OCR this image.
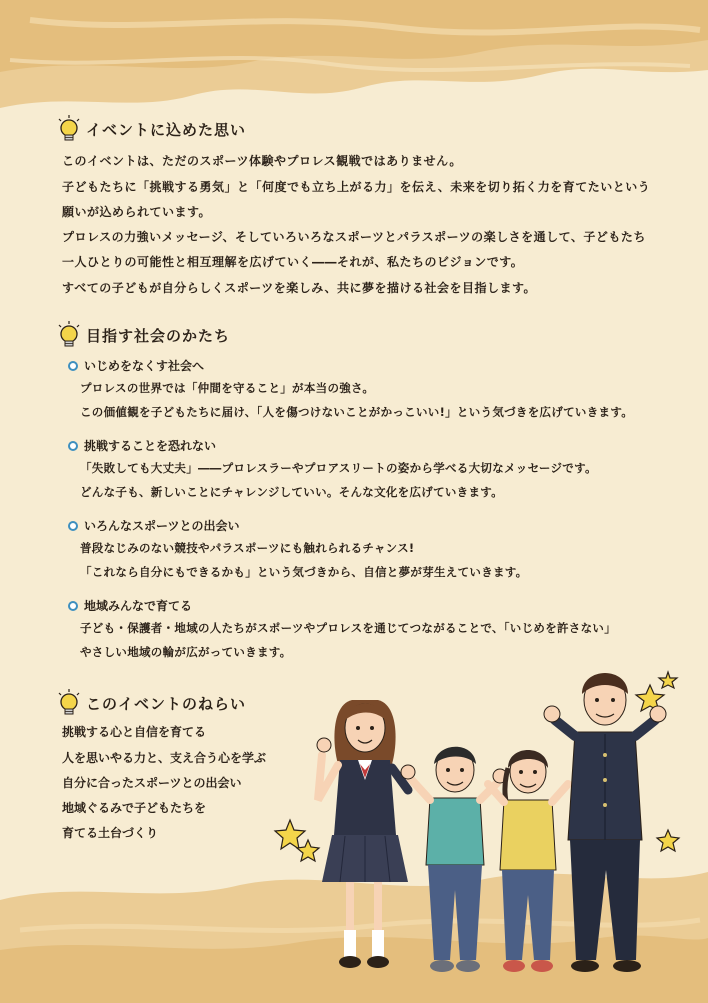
イベントに込めた思い
このイベントは、ただのスポーツ体験やプロレス観戦ではありません。
子どもたちに「挑戦する勇気」と「何度でも立ち上がる力」を伝え、未来を切り拓く力を育てたいという
願いが込められています。
プロレスの力強いメッセージ、そしていろいろなスポーツとパラスポーツの楽しさを通して、子どもたち
一人ひとりの可能性と相互理解を広げていく――それが、私たちのビジョンです。
すべての子どもが自分らしくスポーツを楽しみ、共に夢を描ける社会を目指します。
目指す社会のかたち
いじめをなくす社会へ
プロレスの世界では「仲間を守ること」が本当の強さ。
この価値観を子どもたちに届け、「人を傷つけないことがかっこいい!」という気づきを広げていきます。
挑戦することを恐れない
「失敗しても大丈夫」――プロレスラーやプロアスリートの姿から学べる大切なメッセージです。
どんな子も、新しいことにチャレンジしていい。そんな文化を広げていきます。
いろんなスポーツとの出会い
普段なじみのない競技やパラスポーツにも触れられるチャンス!
「これなら自分にもできるかも」という気づきから、自信と夢が芽生えていきます。
地域みんなで育てる
子ども・保護者・地域の人たちがスポーツやプロレスを通じてつながることで、「いじめを許さない」
やさしい地域の輪が広がっていきます。
このイベントのねらい
挑戦する心と自信を育てる
人を思いやる力と、支え合う心を学ぶ
自分に合ったスポーツとの出会い
地域ぐるみで子どもたちを
育てる土台づくり
